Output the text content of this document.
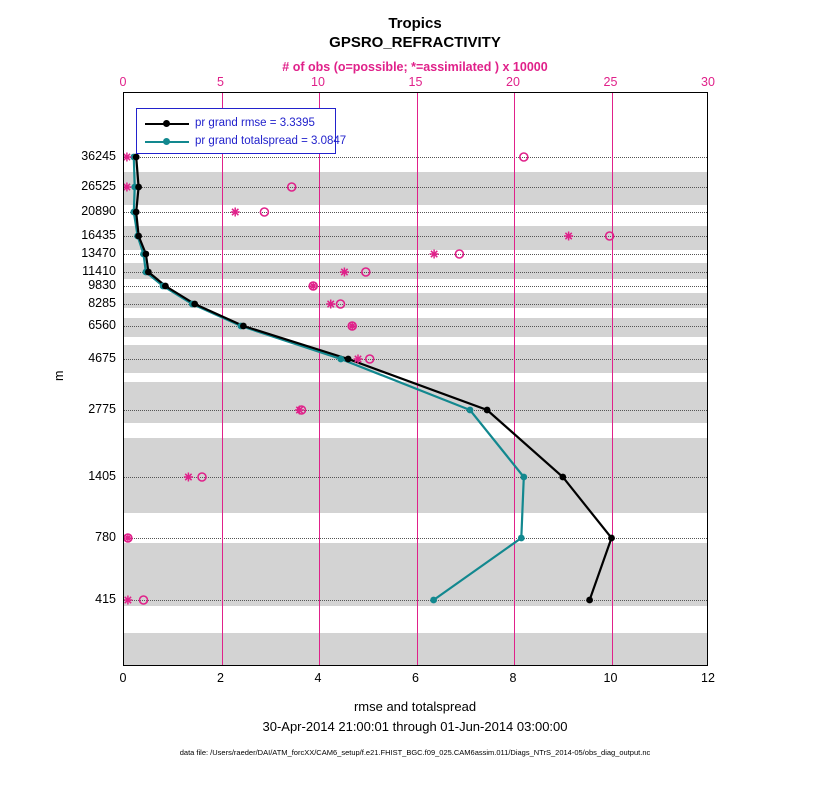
Tropics
GPSRO_REFRACTIVITY
# of obs (o=possible; *=assimilated ) x 10000
rmse and totalspread
30-Apr-2014 21:00:01 through 01-Jun-2014 03:00:00
data file: /Users/raeder/DAI/ATM_forcXX/CAM6_setup/f.e21.FHIST_BGC.f09_025.CAM6assim.011/Diags_NTrS_2014-05/obs_diag_output.nc
m
0	5	10	15	20	25	30
0	2	4	6	8	10	12
36245
26525
20890
16435
13470
11410
9830
8285
6560
4675
2775
1405
780
415
pr grand rmse = 3.3395
pr grand totalspread = 3.0847
